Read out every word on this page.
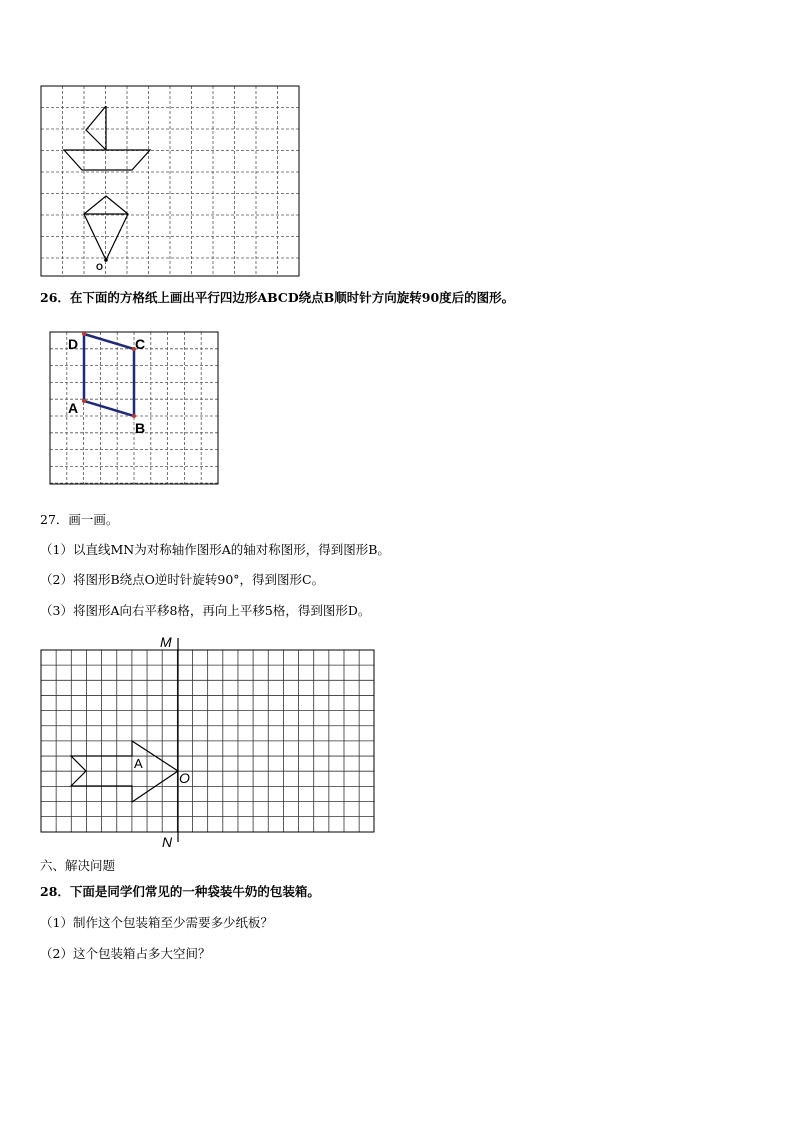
O
26．在下面的方格纸上画出平行四边形ABCD绕点B顺时针方向旋转90度后的图形。
D	C
A
B
27．画一画。
（1）以直线MN为对称轴作图形A的轴对称图形，得到图形B。
（2）将图形B绕点O逆时针旋转90°，得到图形C。
（3）将图形A向右平移8格，再向上平移5格，得到图形D。
M
N
A
O
六、解决问题
28．下面是同学们常见的一种袋装牛奶的包装箱。
（1）制作这个包装箱至少需要多少纸板？
（2）这个包装箱占多大空间？
